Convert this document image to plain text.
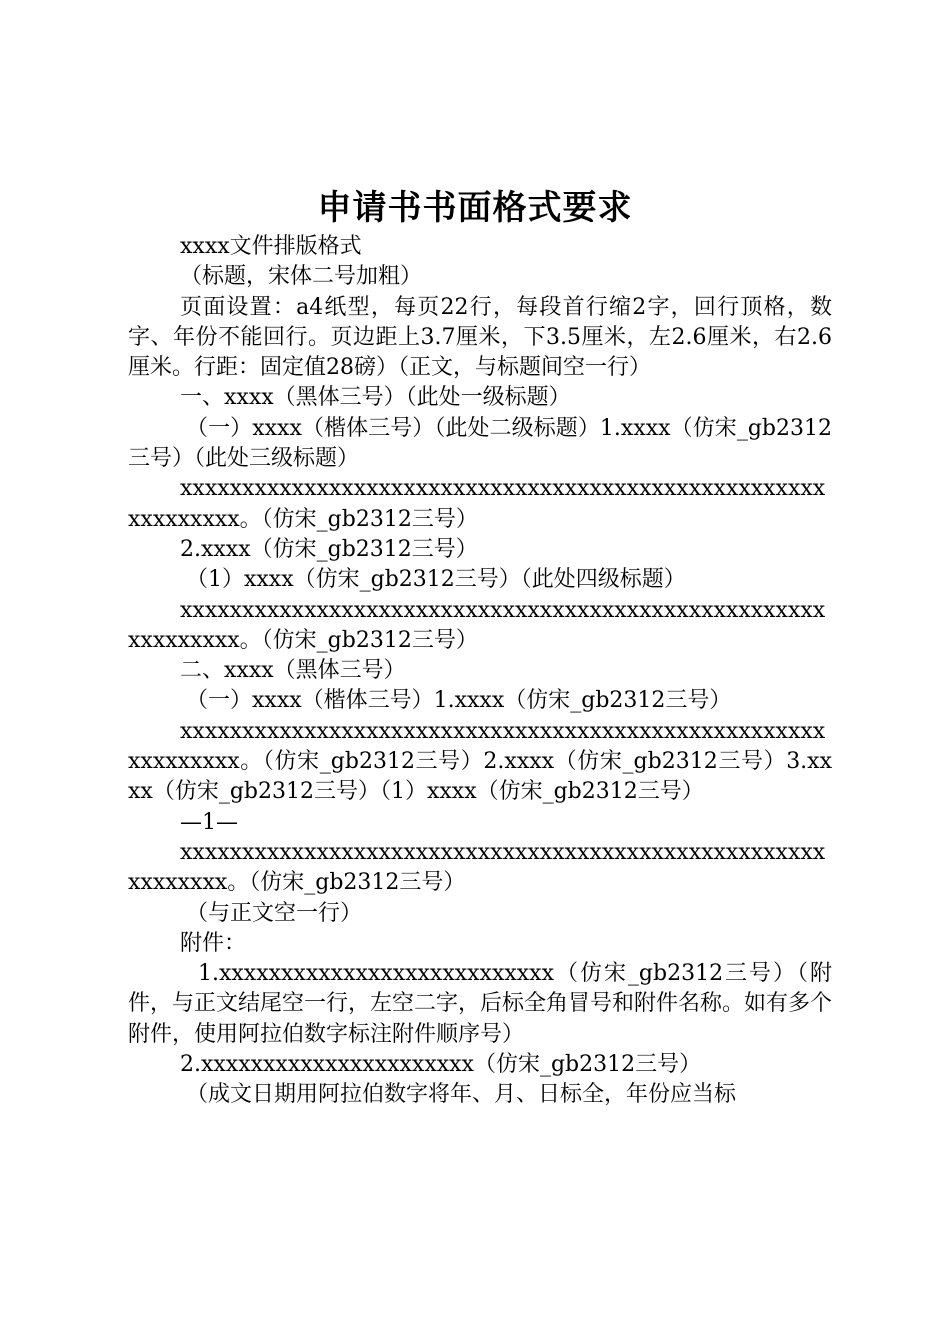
申请书书面格式要求

xxxx文件排版格式

（标题，宋体二号加粗）

页面设置：a4纸型，每页22行，每段首行缩2字，回行顶格，数字、年份不能回行。页边距上3.7厘米，下3.5厘米，左2.6厘米，右2.6厘米。行距：固定值28磅）（正文，与标题间空一行）

一、xxxx（黑体三号）（此处一级标题）

（一）xxxx（楷体三号）（此处二级标题）1.xxxx（仿宋_gb2312三号）（此处三级标题）

xxxxxxxxxxxxxxxxxxxxxxxxxxxxxxxxxxxxxxxxxxxxxxxxxxxxxxxxxxxxx。（仿宋_gb2312三号）

2.xxxx（仿宋_gb2312三号）

（1）xxxx（仿宋_gb2312三号）（此处四级标题）

xxxxxxxxxxxxxxxxxxxxxxxxxxxxxxxxxxxxxxxxxxxxxxxxxxxxxxxxxxxxx。（仿宋_gb2312三号）

二、xxxx（黑体三号）

（一）xxxx（楷体三号）1.xxxx（仿宋_gb2312三号）

xxxxxxxxxxxxxxxxxxxxxxxxxxxxxxxxxxxxxxxxxxxxxxxxxxxxxxxxxxxxx。（仿宋_gb2312三号）2.xxxx（仿宋_gb2312三号）3.xxxx（仿宋_gb2312三号）（1）xxxx（仿宋_gb2312三号）

—1—

xxxxxxxxxxxxxxxxxxxxxxxxxxxxxxxxxxxxxxxxxxxxxxxxxxxxxxxxxxxx。（仿宋_gb2312三号）

（与正文空一行）

附件：

1.xxxxxxxxxxxxxxxxxxxxxxxxxxx（仿宋_gb2312三号）（附件，与正文结尾空一行，左空二字，后标全角冒号和附件名称。如有多个附件，使用阿拉伯数字标注附件顺序号）

2.xxxxxxxxxxxxxxxxxxxxxx（仿宋_gb2312三号）

（成文日期用阿拉伯数字将年、月、日标全，年份应当标
